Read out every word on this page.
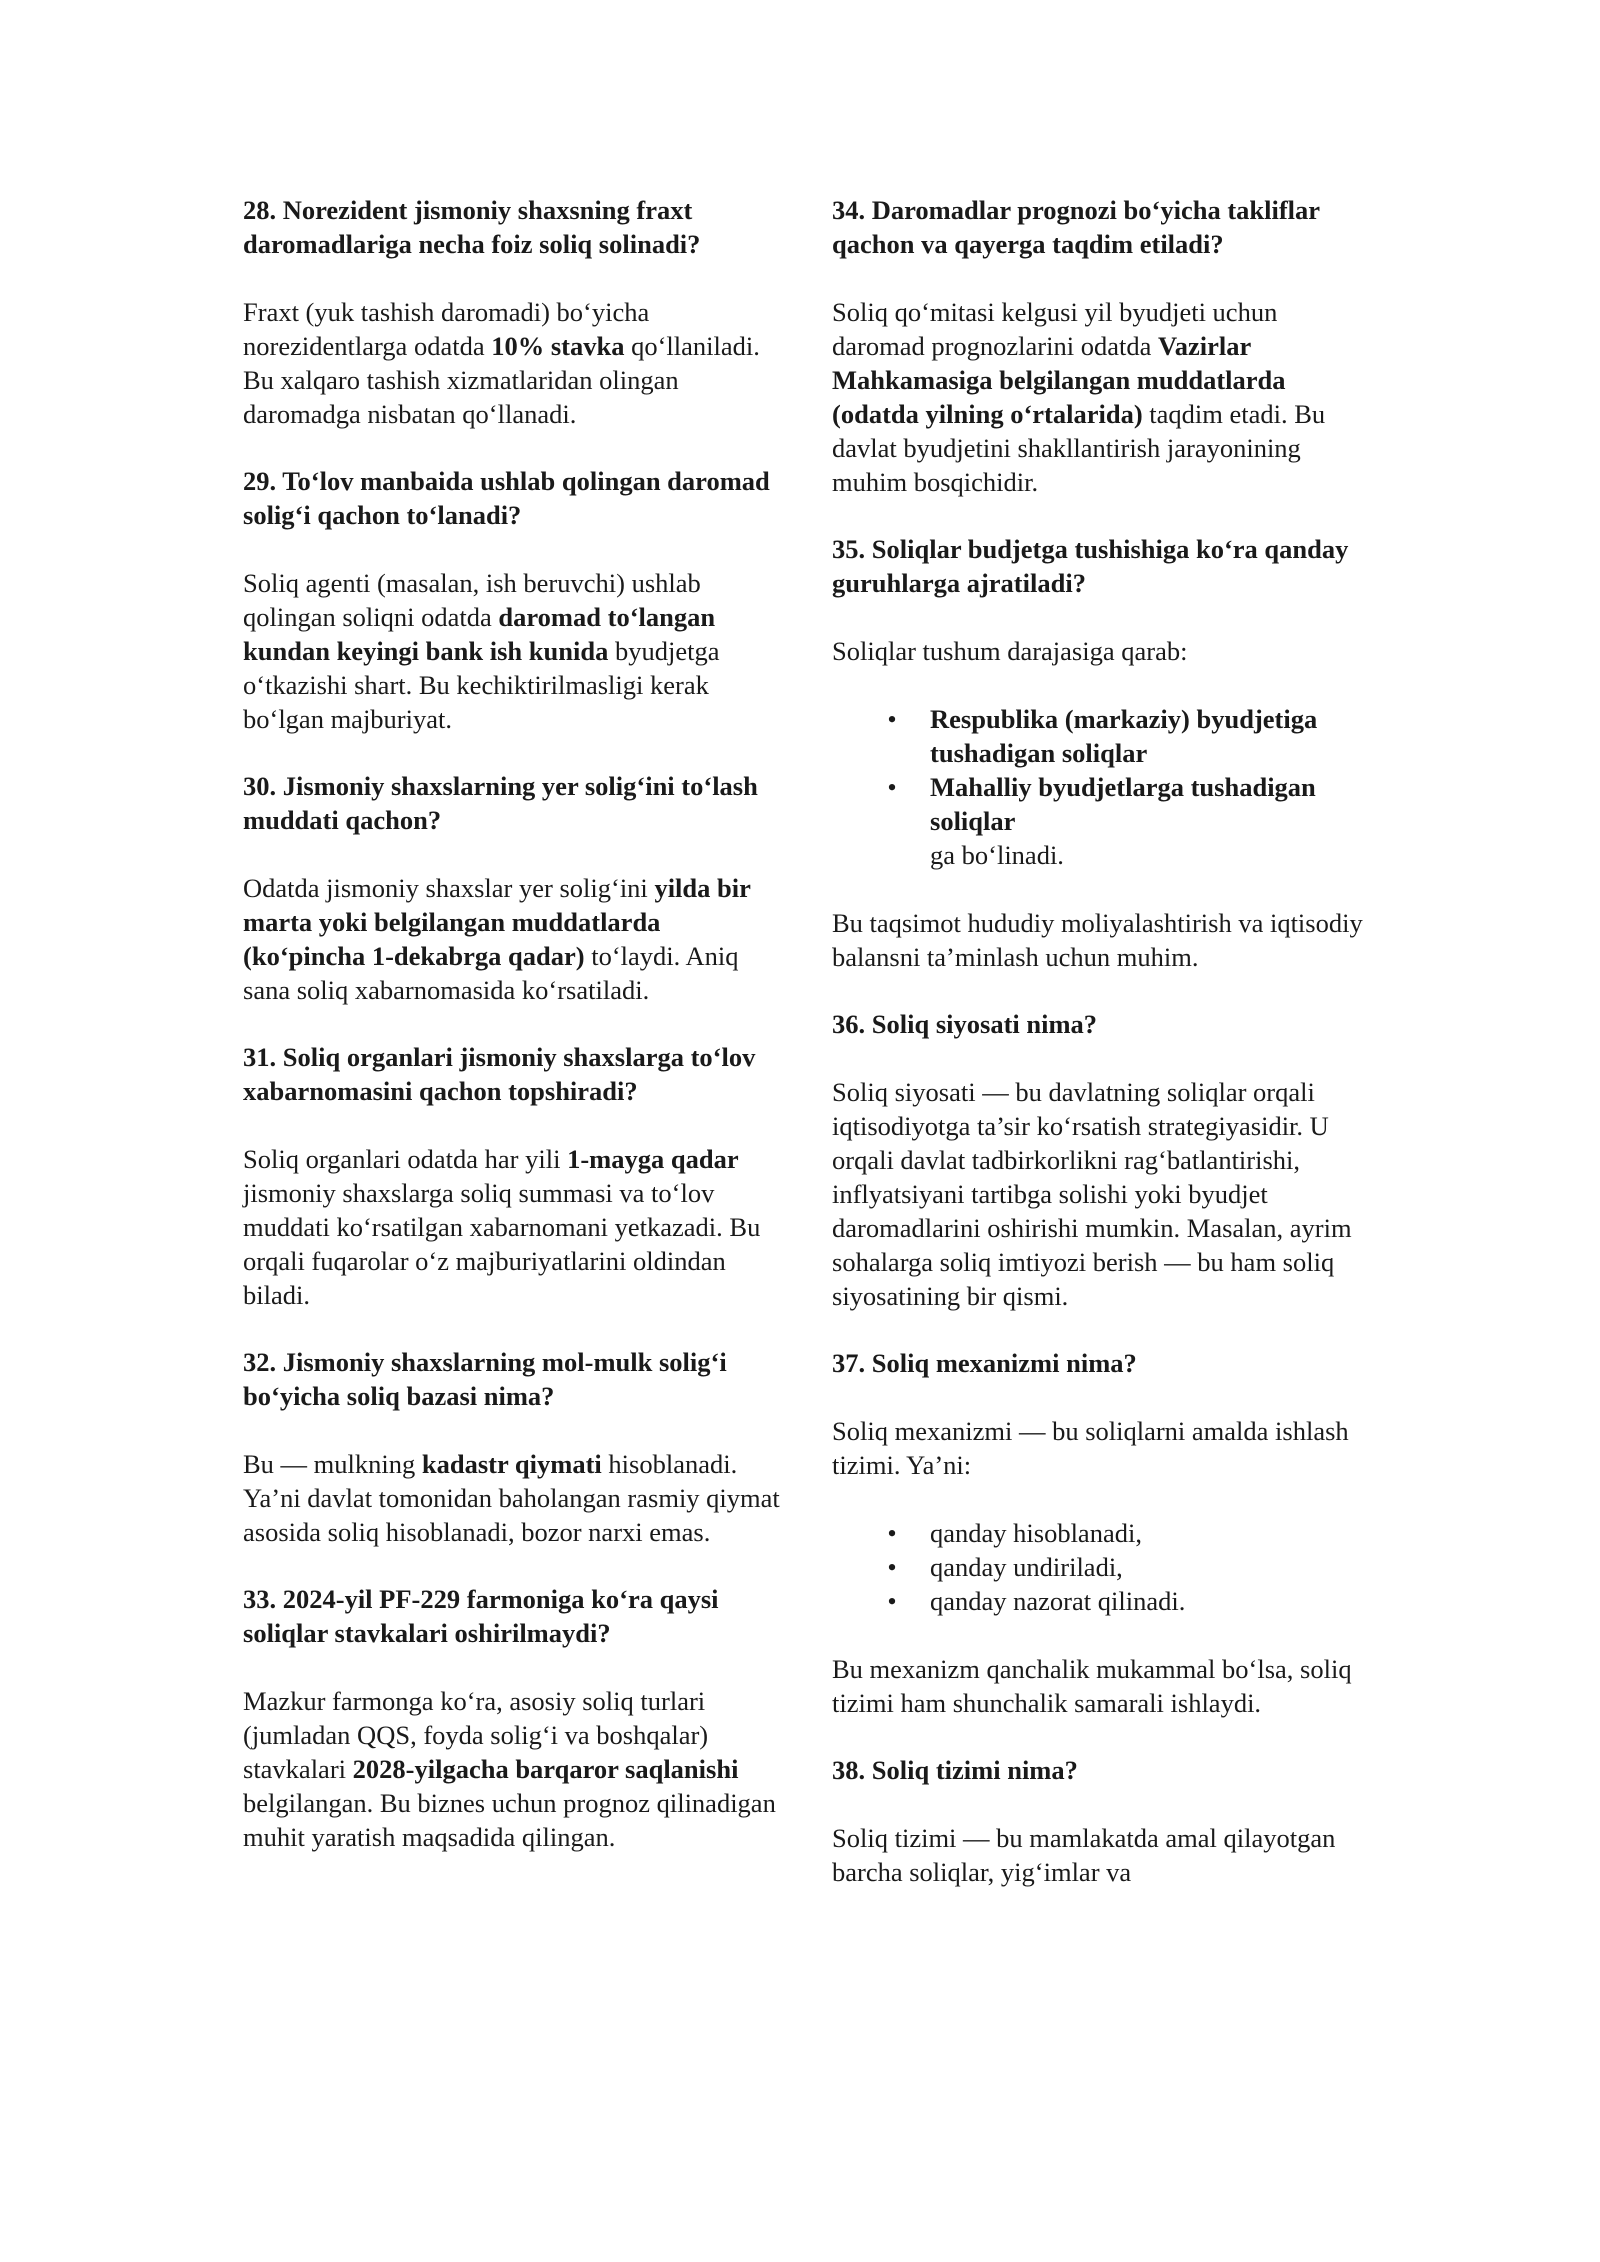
28. Norezident jismoniy shaxsning fraxt daromadlariga necha foiz soliq solinadi?

Fraxt (yuk tashish daromadi) bo‘yicha norezidentlarga odatda 10% stavka qo‘llaniladi. Bu xalqaro tashish xizmatlaridan olingan daromadga nisbatan qo‘llanadi.

29. To‘lov manbaida ushlab qolingan daromad solig‘i qachon to‘lanadi?

Soliq agenti (masalan, ish beruvchi) ushlab qolingan soliqni odatda daromad to‘langan kundan keyingi bank ish kunida byudjetga o‘tkazishi shart. Bu kechiktirilmasligi kerak bo‘lgan majburiyat.

30. Jismoniy shaxslarning yer solig‘ini to‘lash muddati qachon?

Odatda jismoniy shaxslar yer solig‘ini yilda bir marta yoki belgilangan muddatlarda (ko‘pincha 1-dekabrga qadar) to‘laydi. Aniq sana soliq xabarnomasida ko‘rsatiladi.

31. Soliq organlari jismoniy shaxslarga to‘lov xabarnomasini qachon topshiradi?

Soliq organlari odatda har yili 1-mayga qadar jismoniy shaxslarga soliq summasi va to‘lov muddati ko‘rsatilgan xabarnomani yetkazadi. Bu orqali fuqarolar o‘z majburiyatlarini oldindan biladi.

32. Jismoniy shaxslarning mol-mulk solig‘i bo‘yicha soliq bazasi nima?

Bu — mulkning kadastr qiymati hisoblanadi. Ya’ni davlat tomonidan baholangan rasmiy qiymat asosida soliq hisoblanadi, bozor narxi emas.

33. 2024-yil PF-229 farmoniga ko‘ra qaysi soliqlar stavkalari oshirilmaydi?

Mazkur farmonga ko‘ra, asosiy soliq turlari (jumladan QQS, foyda solig‘i va boshqalar) stavkalari 2028-yilgacha barqaror saqlanishi belgilangan. Bu biznes uchun prognoz qilinadigan muhit yaratish maqsadida qilingan.

34. Daromadlar prognozi bo‘yicha takliflar qachon va qayerga taqdim etiladi?

Soliq qo‘mitasi kelgusi yil byudjeti uchun daromad prognozlarini odatda Vazirlar Mahkamasiga belgilangan muddatlarda (odatda yilning o‘rtalarida) taqdim etadi. Bu davlat byudjetini shakllantirish jarayonining muhim bosqichidir.

35. Soliqlar budjetga tushishiga ko‘ra qanday guruhlarga ajratiladi?

Soliqlar tushum darajasiga qarab:

• Respublika (markaziy) byudjetiga tushadigan soliqlar
• Mahalliy byudjetlarga tushadigan soliqlar
ga bo‘linadi.

Bu taqsimot hududiy moliyalashtirish va iqtisodiy balansni ta’minlash uchun muhim.

36. Soliq siyosati nima?

Soliq siyosati — bu davlatning soliqlar orqali iqtisodiyotga ta’sir ko‘rsatish strategiyasidir. U orqali davlat tadbirkorlikni rag‘batlantirishi, inflyatsiyani tartibga solishi yoki byudjet daromadlarini oshirishi mumkin. Masalan, ayrim sohalarga soliq imtiyozi berish — bu ham soliq siyosatining bir qismi.

37. Soliq mexanizmi nima?

Soliq mexanizmi — bu soliqlarni amalda ishlash tizimi. Ya’ni:

• qanday hisoblanadi,
• qanday undiriladi,
• qanday nazorat qilinadi.

Bu mexanizm qanchalik mukammal bo‘lsa, soliq tizimi ham shunchalik samarali ishlaydi.

38. Soliq tizimi nima?

Soliq tizimi — bu mamlakatda amal qilayotgan barcha soliqlar, yig‘imlar va
